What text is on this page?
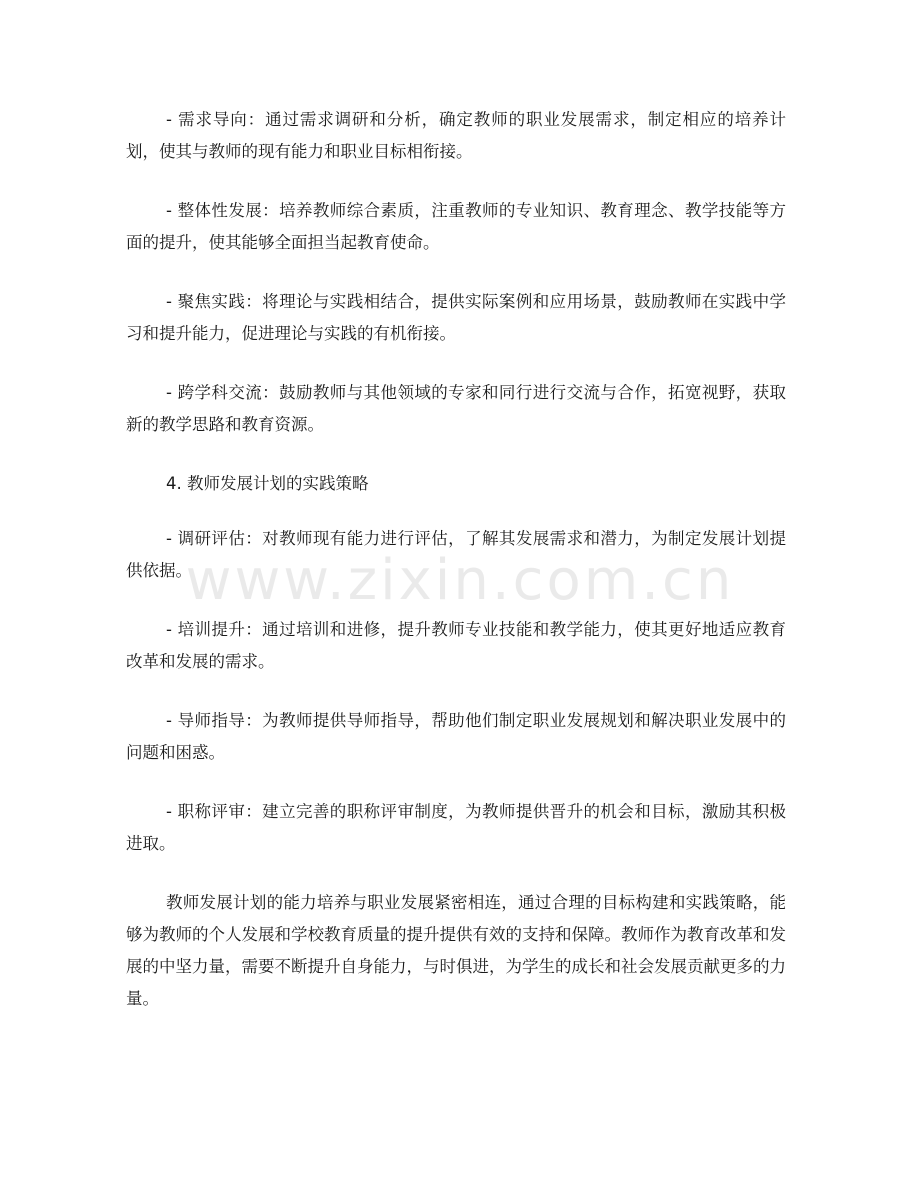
- 需求导向：通过需求调研和分析，确定教师的职业发展需求，制定相应的培养计划，使其与教师的现有能力和职业目标相衔接。

- 整体性发展：培养教师综合素质，注重教师的专业知识、教育理念、教学技能等方面的提升，使其能够全面担当起教育使命。

- 聚焦实践：将理论与实践相结合，提供实际案例和应用场景，鼓励教师在实践中学习和提升能力，促进理论与实践的有机衔接。

- 跨学科交流：鼓励教师与其他领域的专家和同行进行交流与合作，拓宽视野，获取新的教学思路和教育资源。

4. 教师发展计划的实践策略

- 调研评估：对教师现有能力进行评估，了解其发展需求和潜力，为制定发展计划提供依据。

- 培训提升：通过培训和进修，提升教师专业技能和教学能力，使其更好地适应教育改革和发展的需求。

- 导师指导：为教师提供导师指导，帮助他们制定职业发展规划和解决职业发展中的问题和困惑。

- 职称评审：建立完善的职称评审制度，为教师提供晋升的机会和目标，激励其积极进取。

教师发展计划的能力培养与职业发展紧密相连，通过合理的目标构建和实践策略，能够为教师的个人发展和学校教育质量的提升提供有效的支持和保障。教师作为教育改革和发展的中坚力量，需要不断提升自身能力，与时俱进，为学生的成长和社会发展贡献更多的力量。

www.zixin.com.cn
